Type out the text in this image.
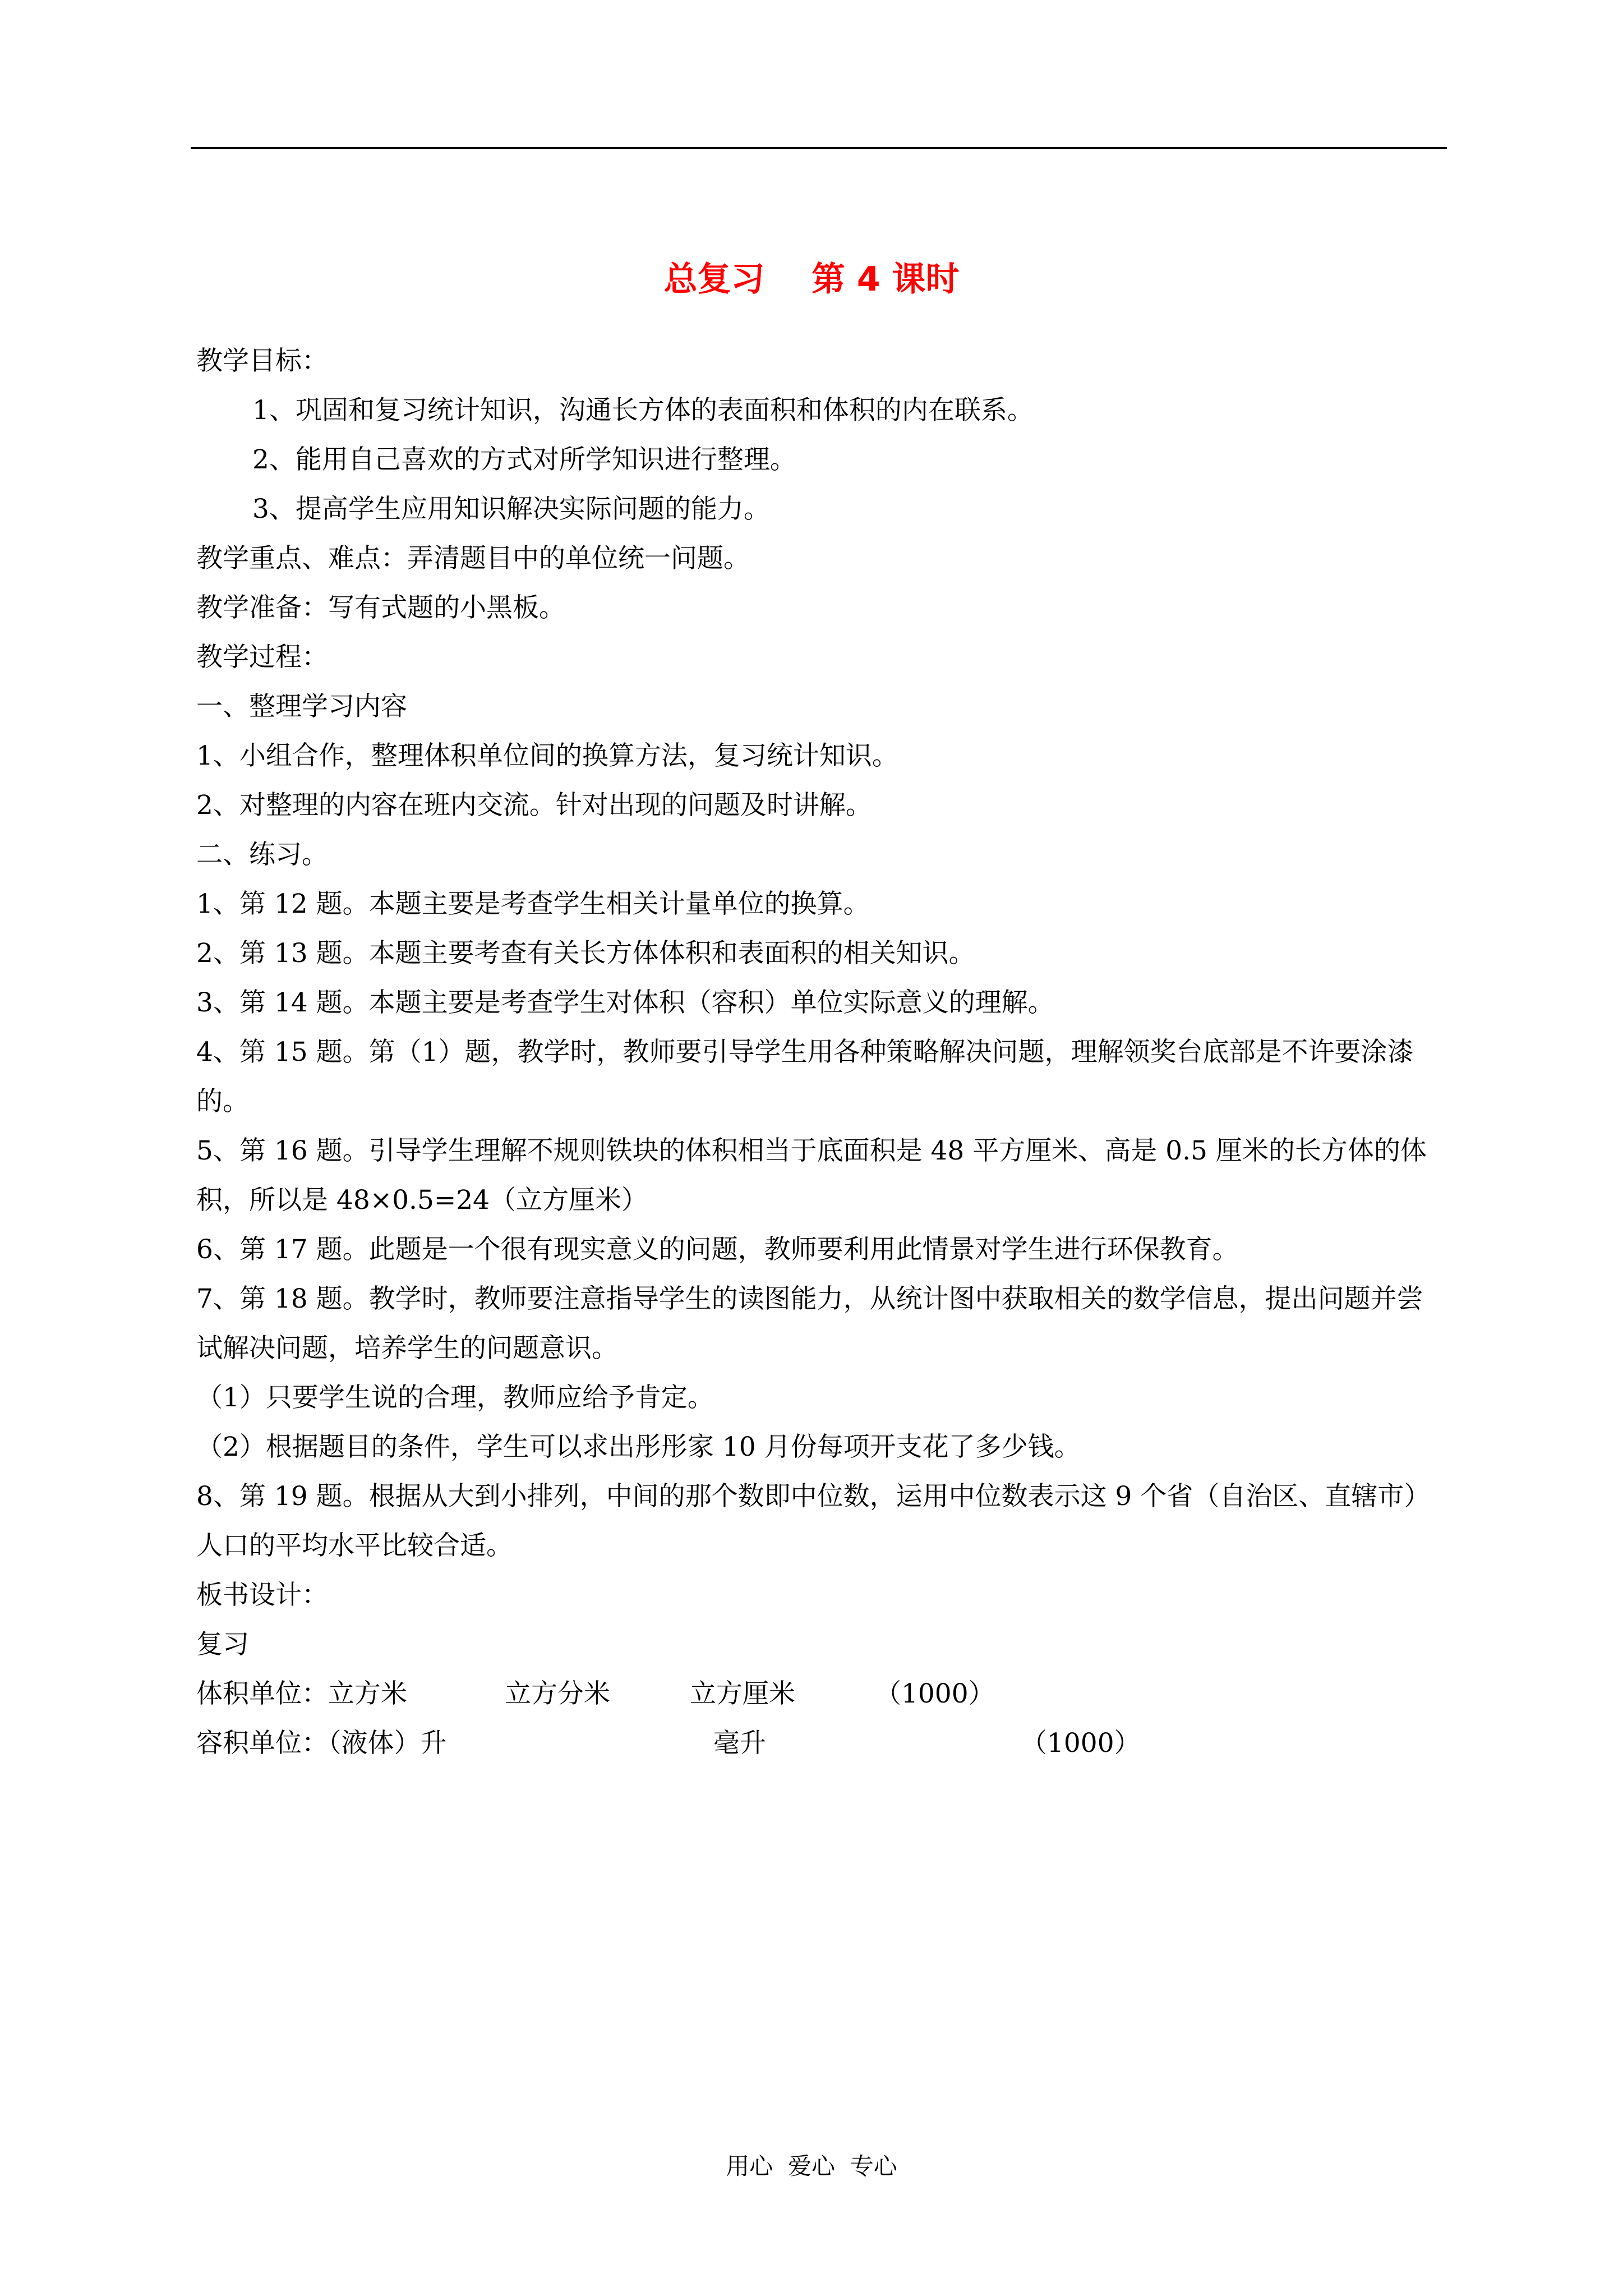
总复习    第 4 课时

教学目标：

1、巩固和复习统计知识，沟通长方体的表面积和体积的内在联系。

2、能用自己喜欢的方式对所学知识进行整理。

3、提高学生应用知识解决实际问题的能力。

教学重点、难点：弄清题目中的单位统一问题。

教学准备：写有式题的小黑板。

教学过程：

一、整理学习内容

1、小组合作，整理体积单位间的换算方法，复习统计知识。

2、对整理的内容在班内交流。针对出现的问题及时讲解。

二、练习。

1、第 12 题。本题主要是考查学生相关计量单位的换算。

2、第 13 题。本题主要考查有关长方体体积和表面积的相关知识。

3、第 14 题。本题主要是考查学生对体积（容积）单位实际意义的理解。

4、第 15 题。第（1）题，教学时，教师要引导学生用各种策略解决问题，理解领奖台底部是不许要涂漆的。

5、第 16 题。引导学生理解不规则铁块的体积相当于底面积是 48 平方厘米、高是 0.5 厘米的长方体的体积，所以是 48×0.5=24（立方厘米）

6、第 17 题。此题是一个很有现实意义的问题，教师要利用此情景对学生进行环保教育。

7、第 18 题。教学时，教师要注意指导学生的读图能力，从统计图中获取相关的数学信息，提出问题并尝试解决问题，培养学生的问题意识。

（1）只要学生说的合理，教师应给予肯定。

（2）根据题目的条件，学生可以求出彤彤家 10 月份每项开支花了多少钱。

8、第 19 题。根据从大到小排列，中间的那个数即中位数，运用中位数表示这 9 个省（自治区、直辖市）人口的平均水平比较合适。

板书设计：

复习

体积单位：立方米	立方分米	立方厘米	（1000）
容积单位：（液体）升	毫升	（1000）
用心  爱心  专心
